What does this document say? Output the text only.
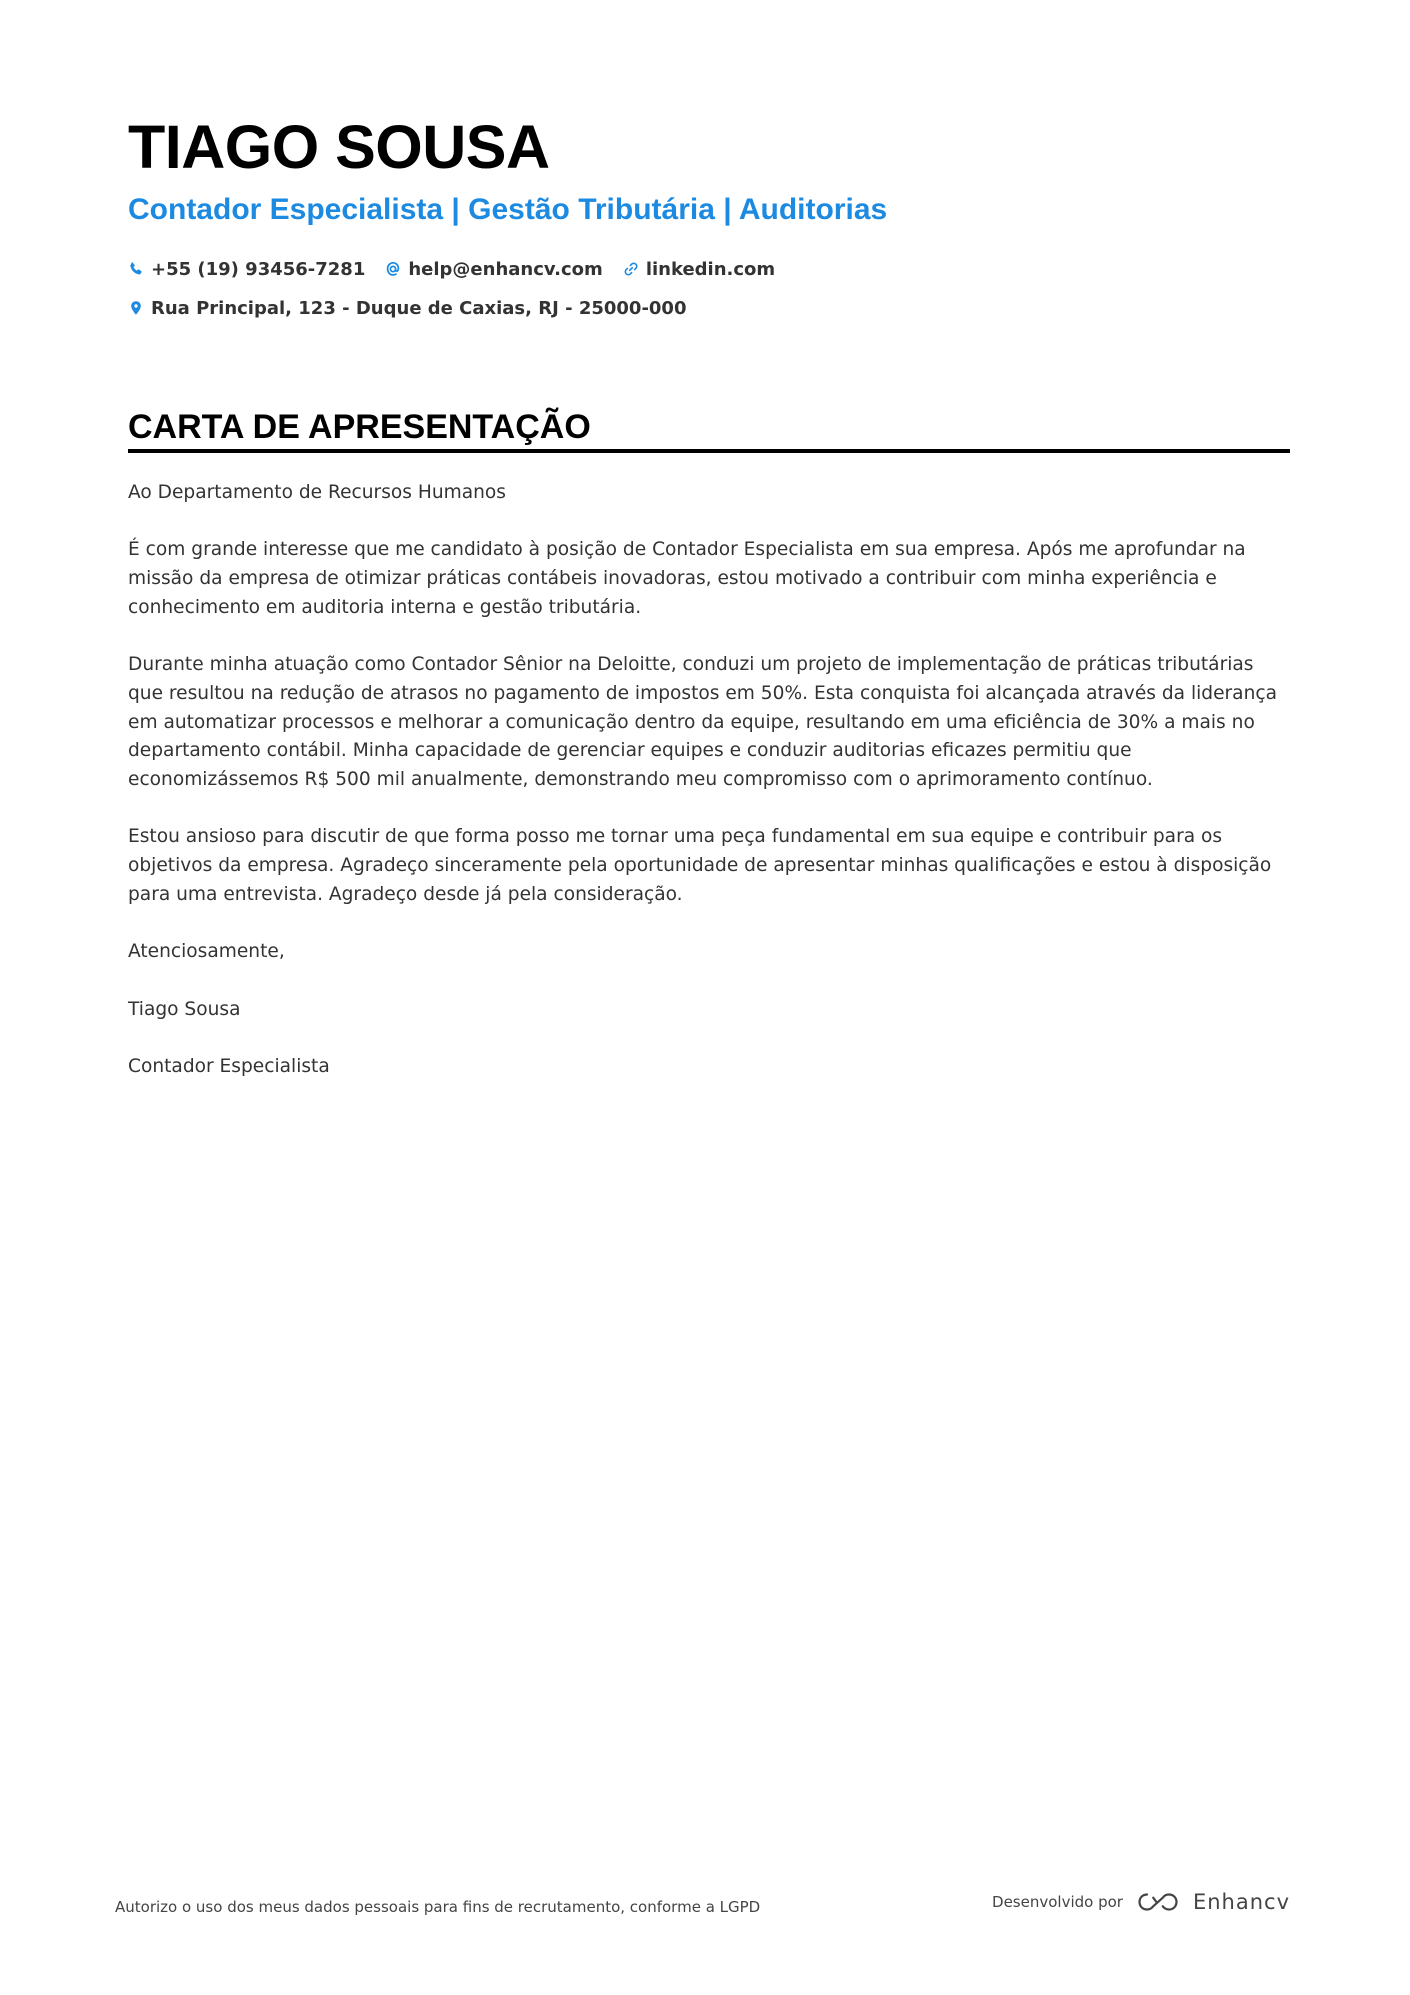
TIAGO SOUSA
Contador Especialista | Gestão Tributária | Auditorias
+55 (19) 93456-7281 help@enhancv.com linkedin.com
Rua Principal, 123 - Duque de Caxias, RJ - 25000-000
CARTA DE APRESENTAÇÃO

Ao Departamento de Recursos Humanos

É com grande interesse que me candidato à posição de Contador Especialista em sua empresa. Após me aprofundar na missão da empresa de otimizar práticas contábeis inovadoras, estou motivado a contribuir com minha experiência e conhecimento em auditoria interna e gestão tributária.

Durante minha atuação como Contador Sênior na Deloitte, conduzi um projeto de implementação de práticas tributárias que resultou na redução de atrasos no pagamento de impostos em 50%. Esta conquista foi alcançada através da liderança em automatizar processos e melhorar a comunicação dentro da equipe, resultando em uma eficiência de 30% a mais no departamento contábil. Minha capacidade de gerenciar equipes e conduzir auditorias eficazes permitiu que economizássemos R$ 500 mil anualmente, demonstrando meu compromisso com o aprimoramento contínuo.

Estou ansioso para discutir de que forma posso me tornar uma peça fundamental em sua equipe e contribuir para os objetivos da empresa. Agradeço sinceramente pela oportunidade de apresentar minhas qualificações e estou à disposição para uma entrevista. Agradeço desde já pela consideração.

Atenciosamente,

Tiago Sousa

Contador Especialista

Autorizo o uso dos meus dados pessoais para fins de recrutamento, conforme a LGPD	Desenvolvido por	Enhancv
